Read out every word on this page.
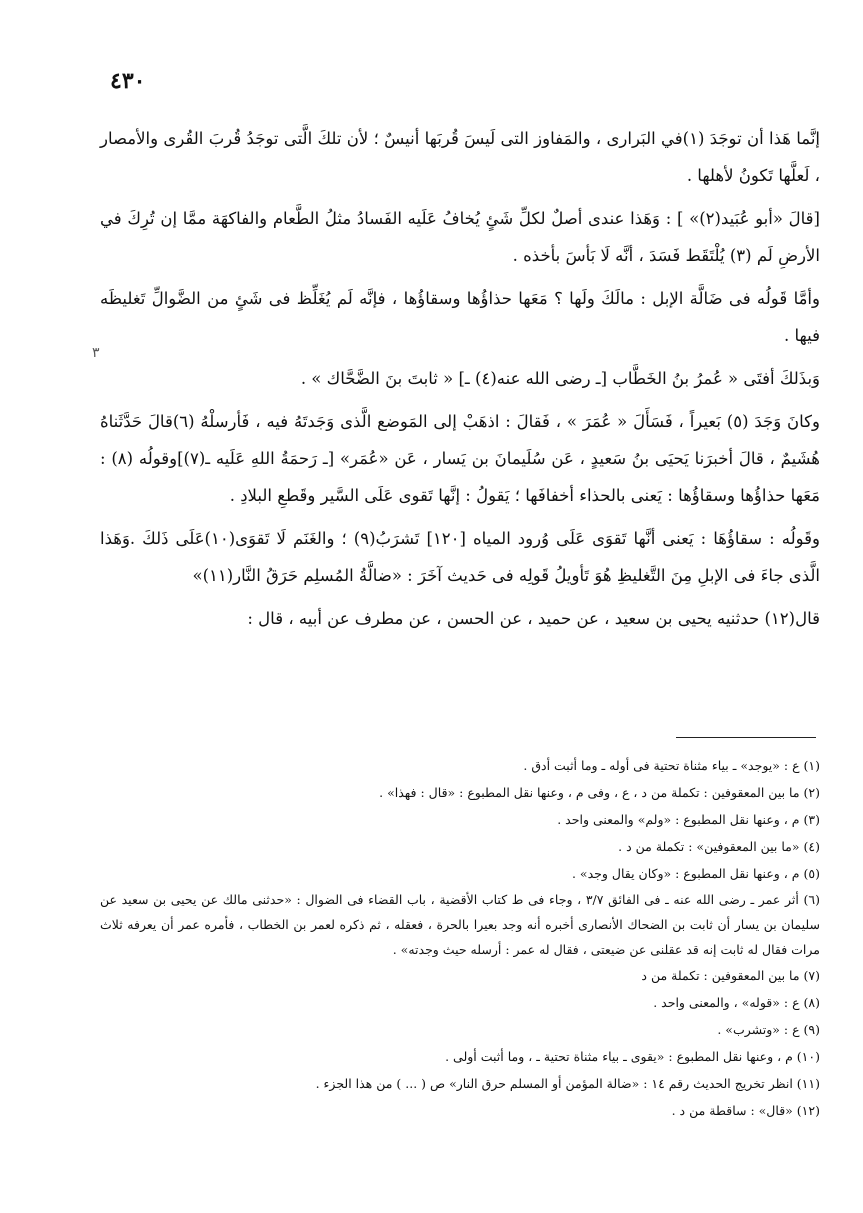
٤٣٠
٣

إنَّما هَذا أن توجَدَ (١)في البَرارى ، والمَفاوز التى لَيسَ قُربَها أنيسٌ ؛ لأن تلكَ الَّتى توجَدُ قُربَ القُرى والأمصار ، لَعلَّها تَكونُ لأهلها .

[قالَ «أبو عُبَيد(٢)» ] : وَهَذا عندى أصلٌ لكلِّ شَئٍ يُخافُ عَلَيه الفَسادُ مثلُ الطَّعام والفاكهَة ممَّا إن تُرِكَ في الأرضِ لَم (٣) يُلْتَقَط فَسَدَ ، أنَّه لَا بَأسَ بأخذه .

وأمَّا قَولُه فى ضَالَّة الإبل : مالَكَ ولَها ؟ مَعَها حذاؤُها وسقاؤُها ، فإنَّه لَم يُغَلِّظ فى شَئٍ من الضَّوالِّ تَغليظَه فيها .

وَبذَلكَ أفتَى « عُمرُ بنُ الخَطَّاب [ـ رضى الله عنه(٤) ـ] « ثابتَ بنَ الضَّحَّاك » .

وكانَ وَجَدَ (٥) بَعيراً ، فَسَأَلَ « عُمَرَ » ، فَقالَ : اذهَبْ إلى المَوضع الَّذى وَجَدتَهُ فيه ، فَأرسلْهُ (٦)قالَ حَدَّثَناهُ هُشَيمٌ ، قالَ أخبرَنا يَحيَى بنُ سَعيدٍ ، عَن سُلَيمانَ بن يَسار ، عَن «عُمَر» [ـ رَحمَةُ اللهِ عَلَيه ـ(٧)]وقولُه (٨) : مَعَها حذاؤُها وسقاؤُها : يَعنى بالحذاء أخفافَها ؛ يَقولُ : إنَّها تَقوى عَلَى السَّير وقَطعِ البلادِ .

وقَولُه : سقاؤُهَا : يَعنى أنَّها تَقوَى عَلَى وُرود المياه [١٢٠] تَشرَبُ(٩) ؛ والغَنَم لَا تَقوَى(١٠)عَلَى ذَلكَ .وَهَذا الَّذى جاءَ فى الإبلِ مِنَ التَّغليظِ هُوَ تَأويلُ قَولِه فى حَديث آخَرَ : «ضالَّةُ المُسلِم حَرَقُ النَّار(١١)»

قال(١٢) حدثنيه يحيى بن سعيد ، عن حميد ، عن الحسن ، عن مطرف عن أبيه ، قال :

(١) ع : «يوجد» ـ بياء مثناة تحتية فى أوله ـ وما أثبت أدق .

(٢) ما بين المعقوفين : تكملة من د ، ع ، وفى م ، وعنها نقل المطبوع : «قال : فهذا» .

(٣) م ، وعنها نقل المطبوع : «ولم» والمعنى واحد .

(٤) «ما بين المعقوفين» : تكملة من د .

(٥) م ، وعنها نقل المطبوع : «وكان يقال وجد» .

(٦) أثر عمر ـ رضى الله عنه ـ فى الفائق ٣/٧ ، وجاء فى ط كتاب الأقضية ، باب القضاء فى الضوال : «حدثنى مالك عن يحيى بن سعيد عن سليمان بن يسار أن ثابت بن الضحاك الأنصارى أخبره أنه وجد بعيرا بالحرة ، فعقله ، ثم ذكره لعمر بن الخطاب ، فأمره عمر أن يعرفه ثلاث مرات فقال له ثابت إنه قد عقلنى عن ضيعتى ، فقال له عمر : أرسله حيث وجدته» .

(٧) ما بين المعقوفين : تكملة من د

(٨) ع : «قوله» ، والمعنى واحد .

(٩) ع : «وتشرب» .

(١٠) م ، وعنها نقل المطبوع : «يقوى ـ بياء مثناة تحتية ـ ، وما أثبت أولى .

(١١) انظر تخريج الحديث رقم ١٤ : «ضالة المؤمن أو المسلم حرق النار» ص ( ... ) من هذا الجزء .

(١٢) «قال» : ساقطة من د .
